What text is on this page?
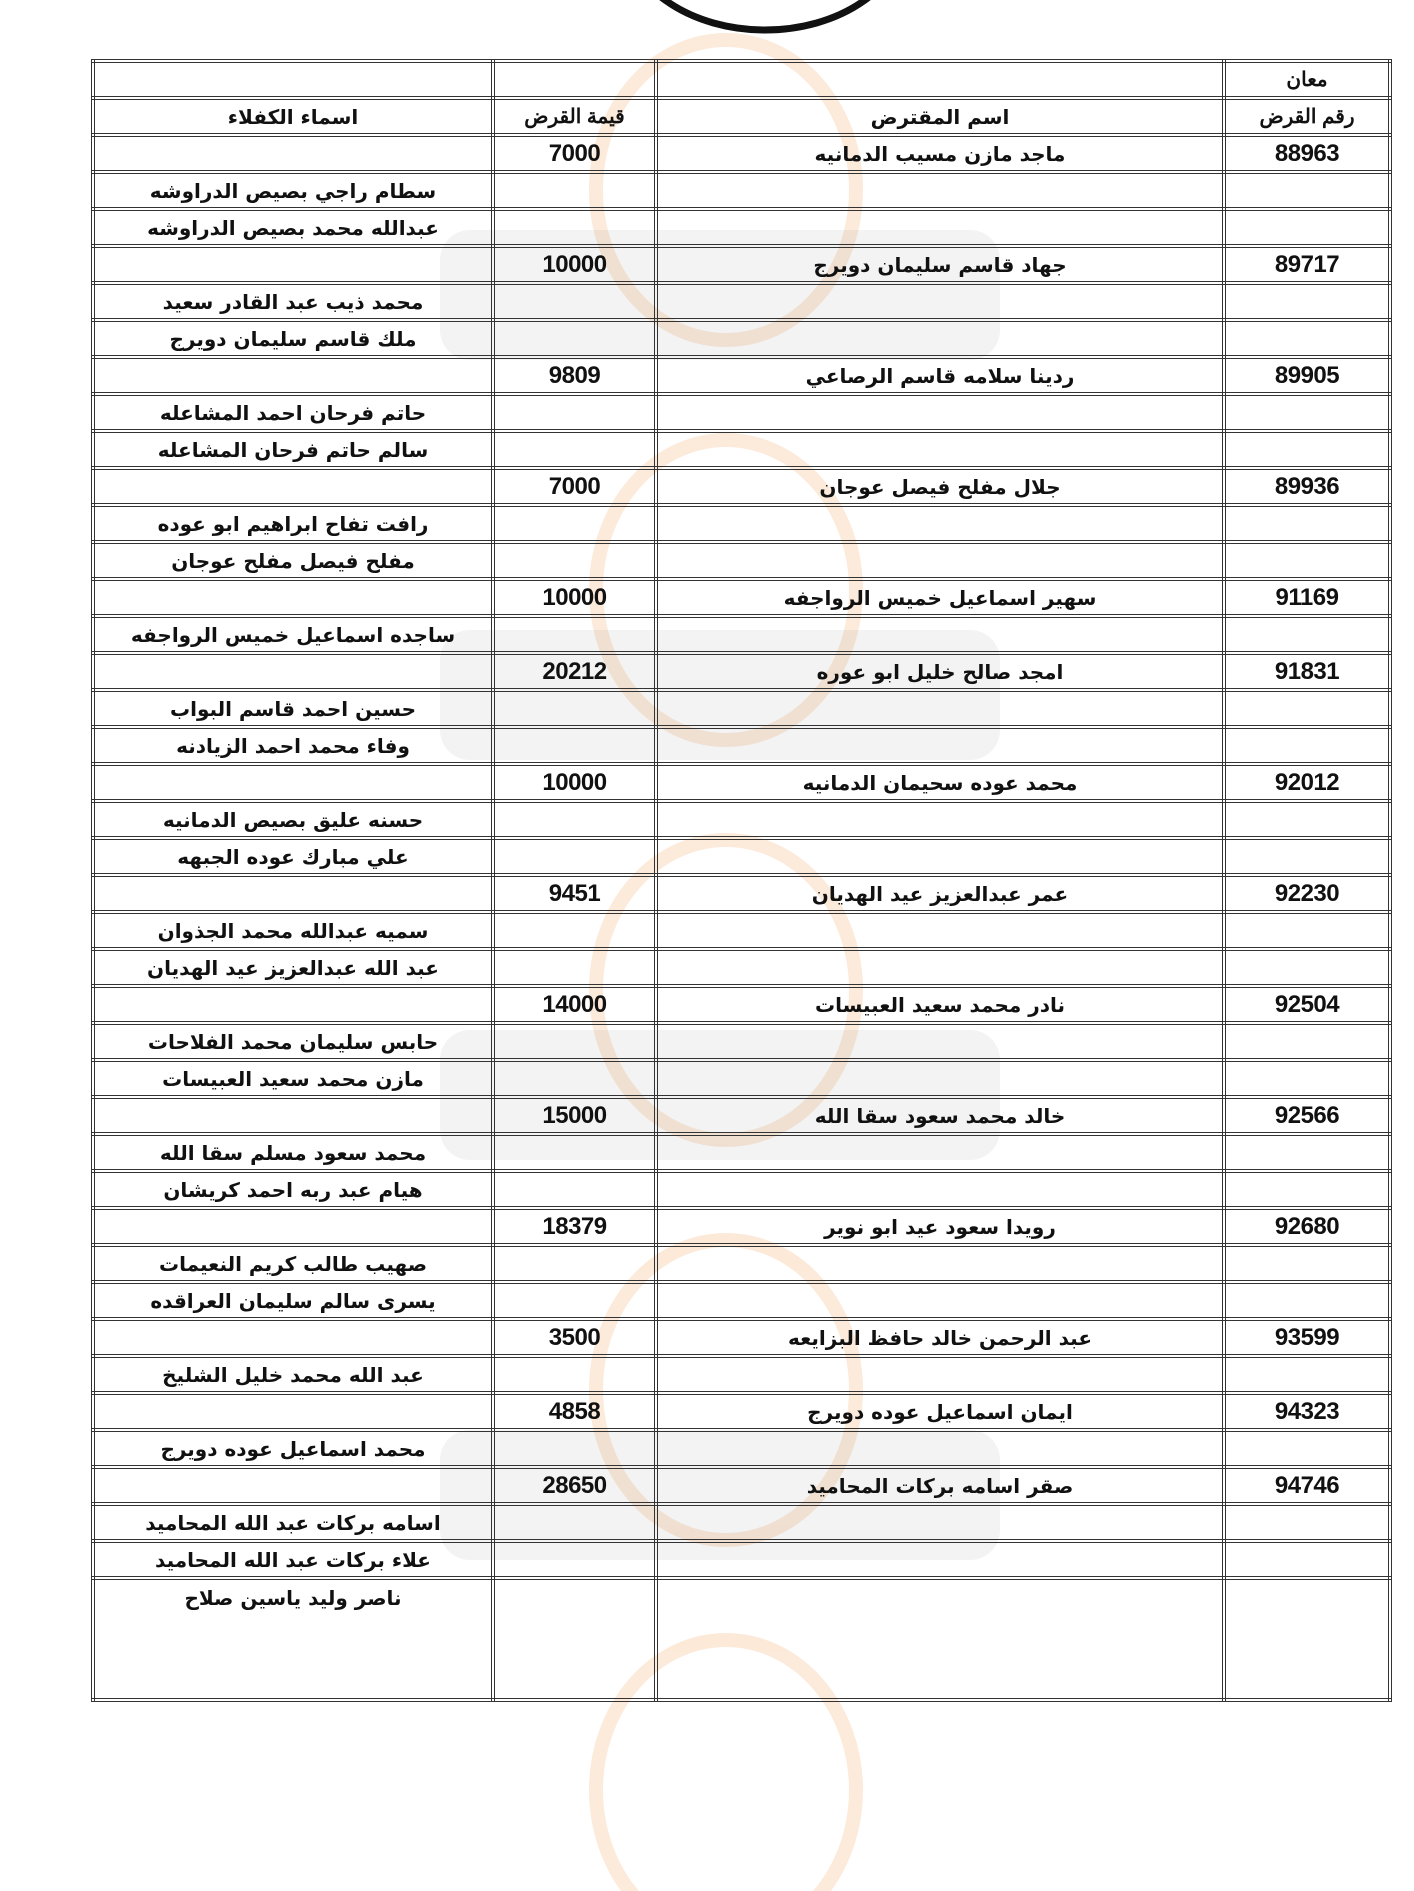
معان			
رقم القرض	اسم المقترض	قيمة القرض	اسماء الكفلاء
88963	ماجد مازن مسيب الدمانيه	7000	
			سطام راجي بصيص الدراوشه
			عبدالله محمد بصيص الدراوشه
89717	جهاد قاسم سليمان دويرج	10000	
			محمد ذيب عبد القادر سعيد
			ملك قاسم سليمان دويرج
89905	ردينا سلامه قاسم الرصاعي	9809	
			حاتم فرحان احمد المشاعله
			سالم حاتم فرحان المشاعله
89936	جلال مفلح فيصل عوجان	7000	
			رافت تفاح ابراهيم ابو عوده
			مفلح فيصل مفلح عوجان
91169	سهير اسماعيل خميس الرواجفه	10000	
			ساجده اسماعيل خميس الرواجفه
91831	امجد صالح خليل ابو عوره	20212	
			حسين احمد قاسم البواب
			وفاء محمد احمد الزيادنه
92012	محمد عوده سحيمان الدمانيه	10000	
			حسنه عليق بصيص الدمانيه
			علي مبارك عوده الجبهه
92230	عمر عبدالعزيز عيد الهديان	9451	
			سميه عبدالله محمد الجذوان
			عبد الله عبدالعزيز عيد الهديان
92504	نادر محمد سعيد العبيسات	14000	
			حابس سليمان محمد الفلاحات
			مازن محمد سعيد العبيسات
92566	خالد محمد سعود سقا الله	15000	
			محمد سعود مسلم سقا الله
			هيام عبد ربه احمد كريشان
92680	رويدا سعود عيد ابو نوير	18379	
			صهيب طالب كريم النعيمات
			يسرى سالم سليمان العراقده
93599	عبد الرحمن خالد حافظ البزايعه	3500	
			عبد الله محمد خليل الشليخ
94323	ايمان اسماعيل عوده دويرج	4858	
			محمد اسماعيل عوده دويرج
94746	صقر اسامه بركات المحاميد	28650	
			اسامه بركات عبد الله المحاميد
			علاء بركات عبد الله المحاميد
			ناصر وليد ياسين صلاح
